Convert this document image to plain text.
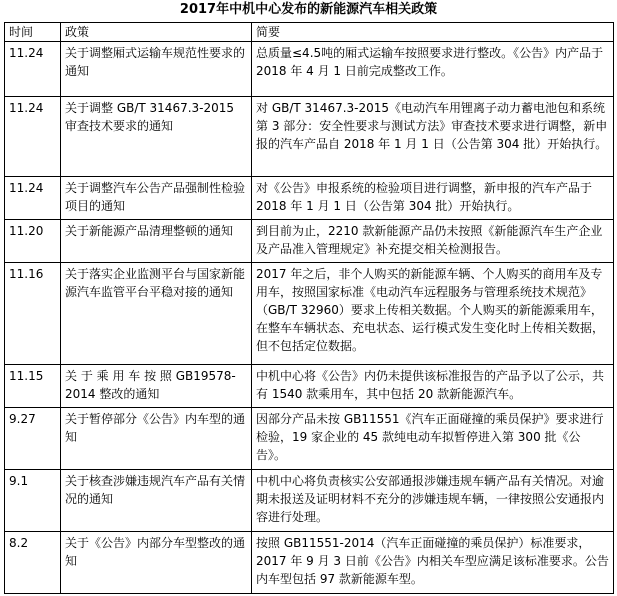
2017年中机中心发布的新能源汽车相关政策
时间	政策	简要
11.24	关于调整厢式运输车规范性要求的通知	总质量≤4.5吨的厢式运输车按照要求进行整改。《公告》内产品于 2018 年 4 月 1 日前完成整改工作。
11.24	关于调整 GB/T 31467.3-2015 审查技术要求的通知	对 GB/T 31467.3-2015《电动汽车用锂离子动力蓄电池包和系统 第 3 部分：安全性要求与测试方法》审查技术要求进行调整，新申报的汽车产品自 2018 年 1 月 1 日（公告第 304 批）开始执行。
11.24	关于调整汽车公告产品强制性检验项目的通知	对《公告》申报系统的检验项目进行调整，新申报的汽车产品于 2018 年 1 月 1 日（公告第 304 批）开始执行。
11.20	关于新能源产品清理整顿的通知	到目前为止，2210 款新能源产品仍未按照《新能源汽车生产企业及产品准入管理规定》补充提交相关检测报告。
11.16	关于落实企业监测平台与国家新能源汽车监管平台平稳对接的通知	2017 年之后，非个人购买的新能源车辆、个人购买的商用车及专用车，按照国家标准《电动汽车远程服务与管理系统技术规范》（GB/T 32960）要求上传相关数据。个人购买的新能源乘用车，在整车车辆状态、充电状态、运行模式发生变化时上传相关数据，但不包括定位数据。
11.15	关 于 乘 用 车 按 照 GB19578-2014 整改的通知	中机中心将《公告》内仍未提供该标准报告的产品予以了公示，共有 1540 款乘用车，其中包括 20 款新能源汽车。
9.27	关于暂停部分《公告》内车型的通知	因部分产品未按 GB11551《汽车正面碰撞的乘员保护》要求进行检验，19 家企业的 45 款纯电动车拟暂停进入第 300 批《公告》。
9.1	关于核查涉嫌违规汽车产品有关情况的通知	中机中心将负责核实公安部通报涉嫌违规车辆产品有关情况。对逾期未报送及证明材料不充分的涉嫌违规车辆，一律按照公安通报内容进行处理。
8.2	关于《公告》内部分车型整改的通知	按照 GB11551-2014（汽车正面碰撞的乘员保护）标准要求，2017 年 9 月 3 日前《公告》内相关车型应满足该标准要求。公告内车型包括 97 款新能源车型。
